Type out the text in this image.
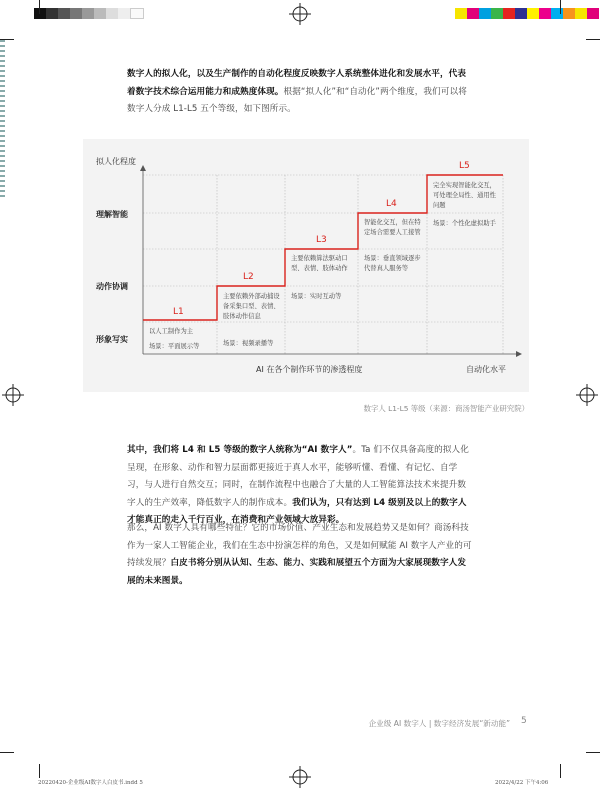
数字人的拟人化，以及生产制作的自动化程度反映数字人系统整体进化和发展水平，代表着数字技术综合运用能力和成熟度体现。根据“拟人化”和“自动化”两个维度，我们可以将数字人分成 L1-L5 五个等级，如下图所示。
拟人化程度
理解智能
动作协调
形象写实
AI 在各个制作环节的渗透程度	自动化水平
L1
以人工制作为主
场景：平面展示等
L2
主要依赖外部动捕设备采集口型、表情、肢体动作信息
场景：视频录播等
L3
主要依赖算法驱动口型、表情、肢体动作
场景：实时互动等
L4
智能化交互，但在特定场合需要人工接管
场景：垂直领域逐步代替真人服务等
L5
完全实现智能化交互，可处理全局性、通用性问题
场景：个性化虚拟助手
数字人 L1-L5 等级（来源：商汤智能产业研究院）
其中，我们将 L4 和 L5 等级的数字人统称为“AI 数字人”。Ta 们不仅具备高度的拟人化呈现，在形象、动作和智力层面都更接近于真人水平，能够听懂、看懂、有记忆、自学习，与人进行自然交互；同时，在制作流程中也融合了大量的人工智能算法技术来提升数字人的生产效率，降低数字人的制作成本。我们认为，只有达到 L4 级别及以上的数字人才能真正的走入千行百业，在消费和产业领域大放异彩。
那么，AI 数字人具有哪些特征？它的市场价值、产业生态和发展趋势又是如何？商汤科技作为一家人工智能企业，我们在生态中扮演怎样的角色，又是如何赋能 AI 数字人产业的可持续发展？白皮书将分别从认知、生态、能力、实践和展望五个方面为大家展现数字人发展的未来图景。
企业级 AI 数字人 | 数字经济发展“新动能” 5
20220420-企业级AI数字人白皮书.indd 5	2022/4/22 下午4:06
